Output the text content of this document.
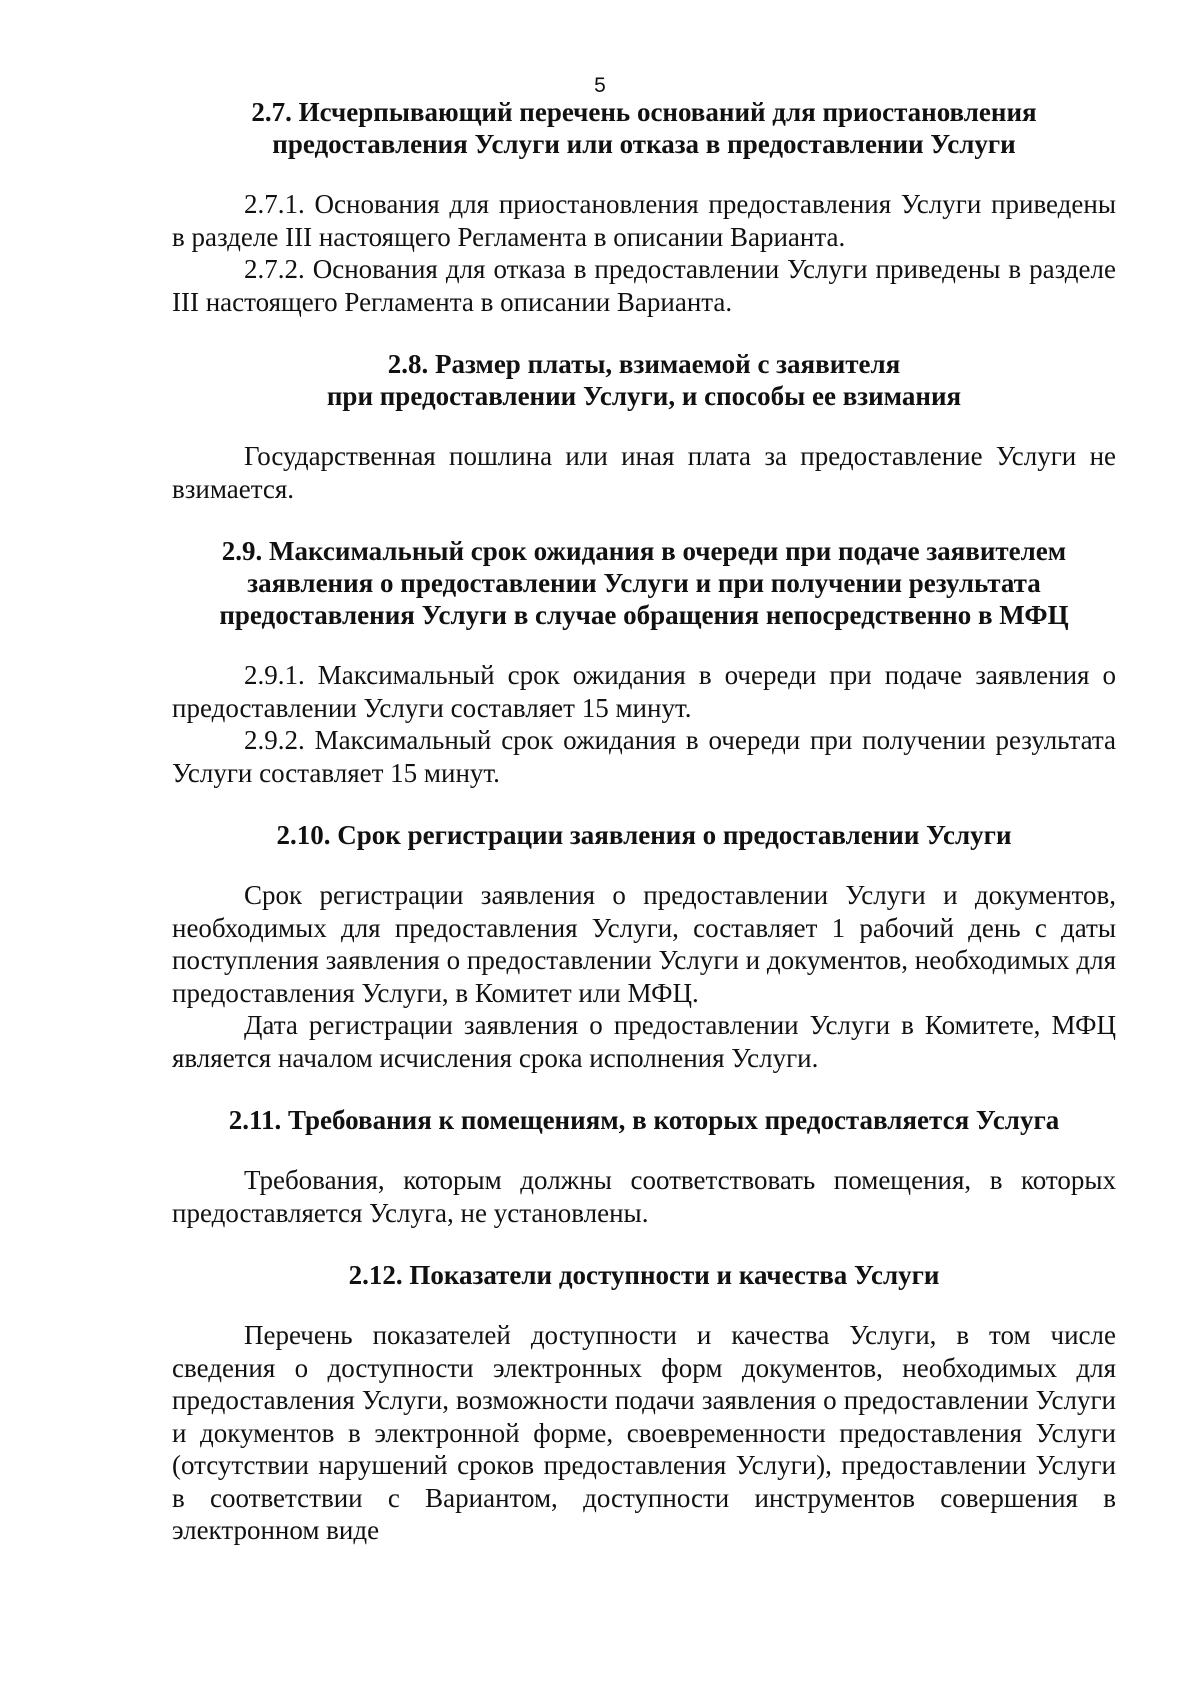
5
2.7. Исчерпывающий перечень оснований для приостановления
предоставления Услуги или отказа в предоставлении Услуги

2.7.1. Основания для приостановления предоставления Услуги приведены в разделе III настоящего Регламента в описании Варианта.

2.7.2. Основания для отказа в предоставлении Услуги приведены в разделе III настоящего Регламента в описании Варианта.

2.8. Размер платы, взимаемой с заявителя
при предоставлении Услуги, и способы ее взимания

Государственная пошлина или иная плата за предоставление Услуги не взимается.

2.9. Максимальный срок ожидания в очереди при подаче заявителем
заявления о предоставлении Услуги и при получении результата
предоставления Услуги в случае обращения непосредственно в МФЦ

2.9.1. Максимальный срок ожидания в очереди при подаче заявления о предоставлении Услуги составляет 15 минут.

2.9.2. Максимальный срок ожидания в очереди при получении результата Услуги составляет 15 минут.

2.10. Срок регистрации заявления о предоставлении Услуги

Срок регистрации заявления о предоставлении Услуги и документов, необходимых для предоставления Услуги, составляет 1 рабочий день с даты поступления заявления о предоставлении Услуги и документов, необходимых для предоставления Услуги, в Комитет или МФЦ.

Дата регистрации заявления о предоставлении Услуги в Комитете, МФЦ является началом исчисления срока исполнения Услуги.

2.11. Требования к помещениям, в которых предоставляется Услуга

Требования, которым должны соответствовать помещения, в которых предоставляется Услуга, не установлены.

2.12. Показатели доступности и качества Услуги

Перечень показателей доступности и качества Услуги, в том числе сведения о доступности электронных форм документов, необходимых для предоставления Услуги, возможности подачи заявления о предоставлении Услуги и документов в электронной форме, своевременности предоставления Услуги (отсутствии нарушений сроков предоставления Услуги), предоставлении Услуги в соответствии с Вариантом, доступности инструментов совершения в электронном виде
